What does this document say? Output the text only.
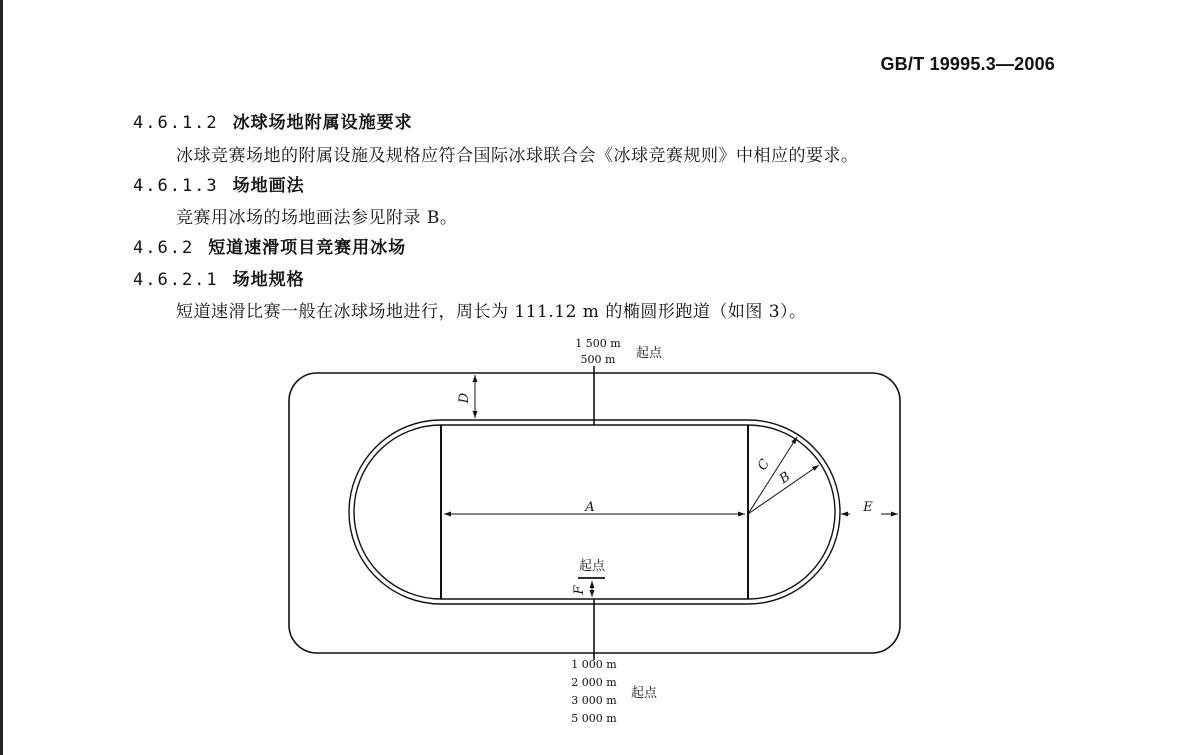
GB/T 19995.3—2006
4.6.1.2 冰球场地附属设施要求
冰球竞赛场地的附属设施及规格应符合国际冰球联合会《冰球竞赛规则》中相应的要求。
4.6.1.3 场地画法
竞赛用冰场的场地画法参见附录 B。
4.6.2 短道速滑项目竞赛用冰场
4.6.2.1 场地规格
短道速滑比赛一般在冰球场地进行，周长为 111.12 m 的椭圆形跑道（如图 3）。
A
C
B
D
E
F
起点
1 500 m
500 m 起点
1 000 m
2 000 m
3 000 m
5 000 m
起点
